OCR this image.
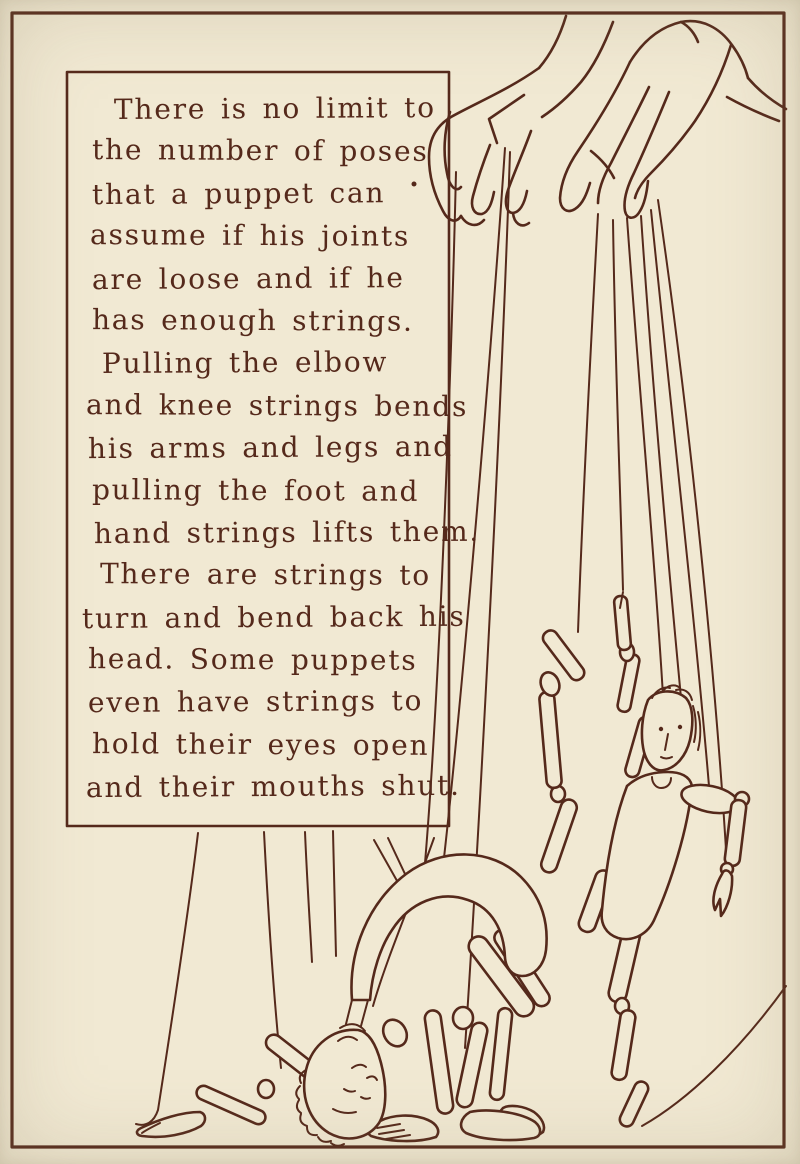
There is no limit to
the number of poses
that a puppet can
assume if his joints
are loose and if he
has enough strings.
Pulling the elbow
and knee strings bends
his arms and legs and
pulling the foot and
hand strings lifts them.
There are strings to
turn and bend back his
head. Some puppets
even have strings to
hold their eyes open
and their mouths shut.
